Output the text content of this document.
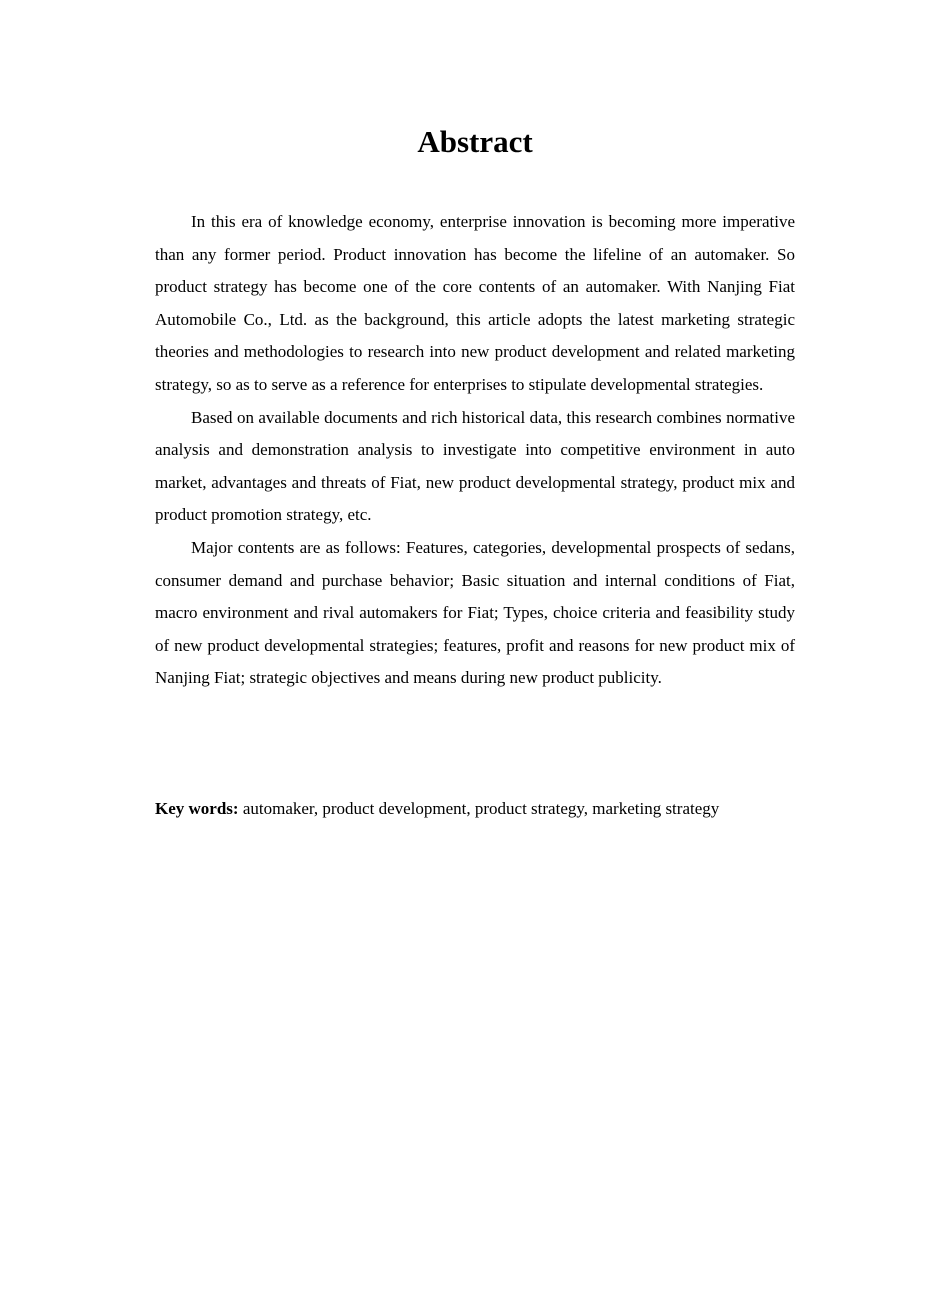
Abstract

In this era of knowledge economy, enterprise innovation is becoming more imperative than any former period. Product innovation has become the lifeline of an automaker. So product strategy has become one of the core contents of an automaker. With Nanjing Fiat Automobile Co., Ltd. as the background, this article adopts the latest marketing strategic theories and methodologies to research into new product development and related marketing strategy, so as to serve as a reference for enterprises to stipulate developmental strategies.

Based on available documents and rich historical data, this research combines normative analysis and demonstration analysis to investigate into competitive environment in auto market, advantages and threats of Fiat, new product developmental strategy, product mix and product promotion strategy, etc.

Major contents are as follows: Features, categories, developmental prospects of sedans, consumer demand and purchase behavior; Basic situation and internal conditions of Fiat, macro environment and rival automakers for Fiat; Types, choice criteria and feasibility study of new product developmental strategies; features, profit and reasons for new product mix of Nanjing Fiat; strategic objectives and means during new product publicity.

Key words: automaker, product development, product strategy, marketing strategy
